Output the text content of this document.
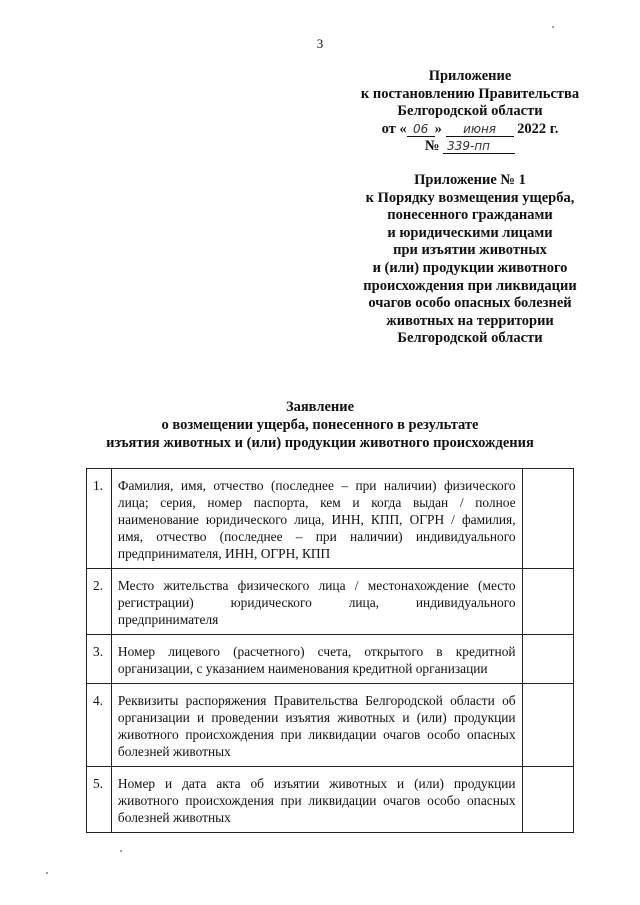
3
Приложение
к постановлению Правительства
Белгородской области
от « 06 » июня 2022 г.
№ 339-пп
Приложение № 1
к Порядку возмещения ущерба,
понесенного гражданами
и юридическими лицами
при изъятии животных
и (или) продукции животного
происхождения при ликвидации
очагов особо опасных болезней
животных на территории
Белгородской области
Заявление
о возмещении ущерба, понесенного в результате
изъятия животных и (или) продукции животного происхождения
1.	Фамилия, имя, отчество (последнее – при наличии) физического лица; серия, номер паспорта, кем и когда выдан / полное наименование юридического лица, ИНН, КПП, ОГРН / фамилия, имя, отчество (последнее – при наличии) индивидуального предпринимателя, ИНН, ОГРН, КПП	
2.	Место жительства физического лица / местонахождение (место регистрации) юридического лица, индивидуального предпринимателя	
3.	Номер лицевого (расчетного) счета, открытого в кредитной организации, с указанием наименования кредитной организации	
4.	Реквизиты распоряжения Правительства Белгородской области об организации и проведении изъятия животных и (или) продукции животного происхождения при ликвидации очагов особо опасных болезней животных	
5.	Номер и дата акта об изъятии животных и (или) продукции животного происхождения при ликвидации очагов особо опасных болезней животных	
